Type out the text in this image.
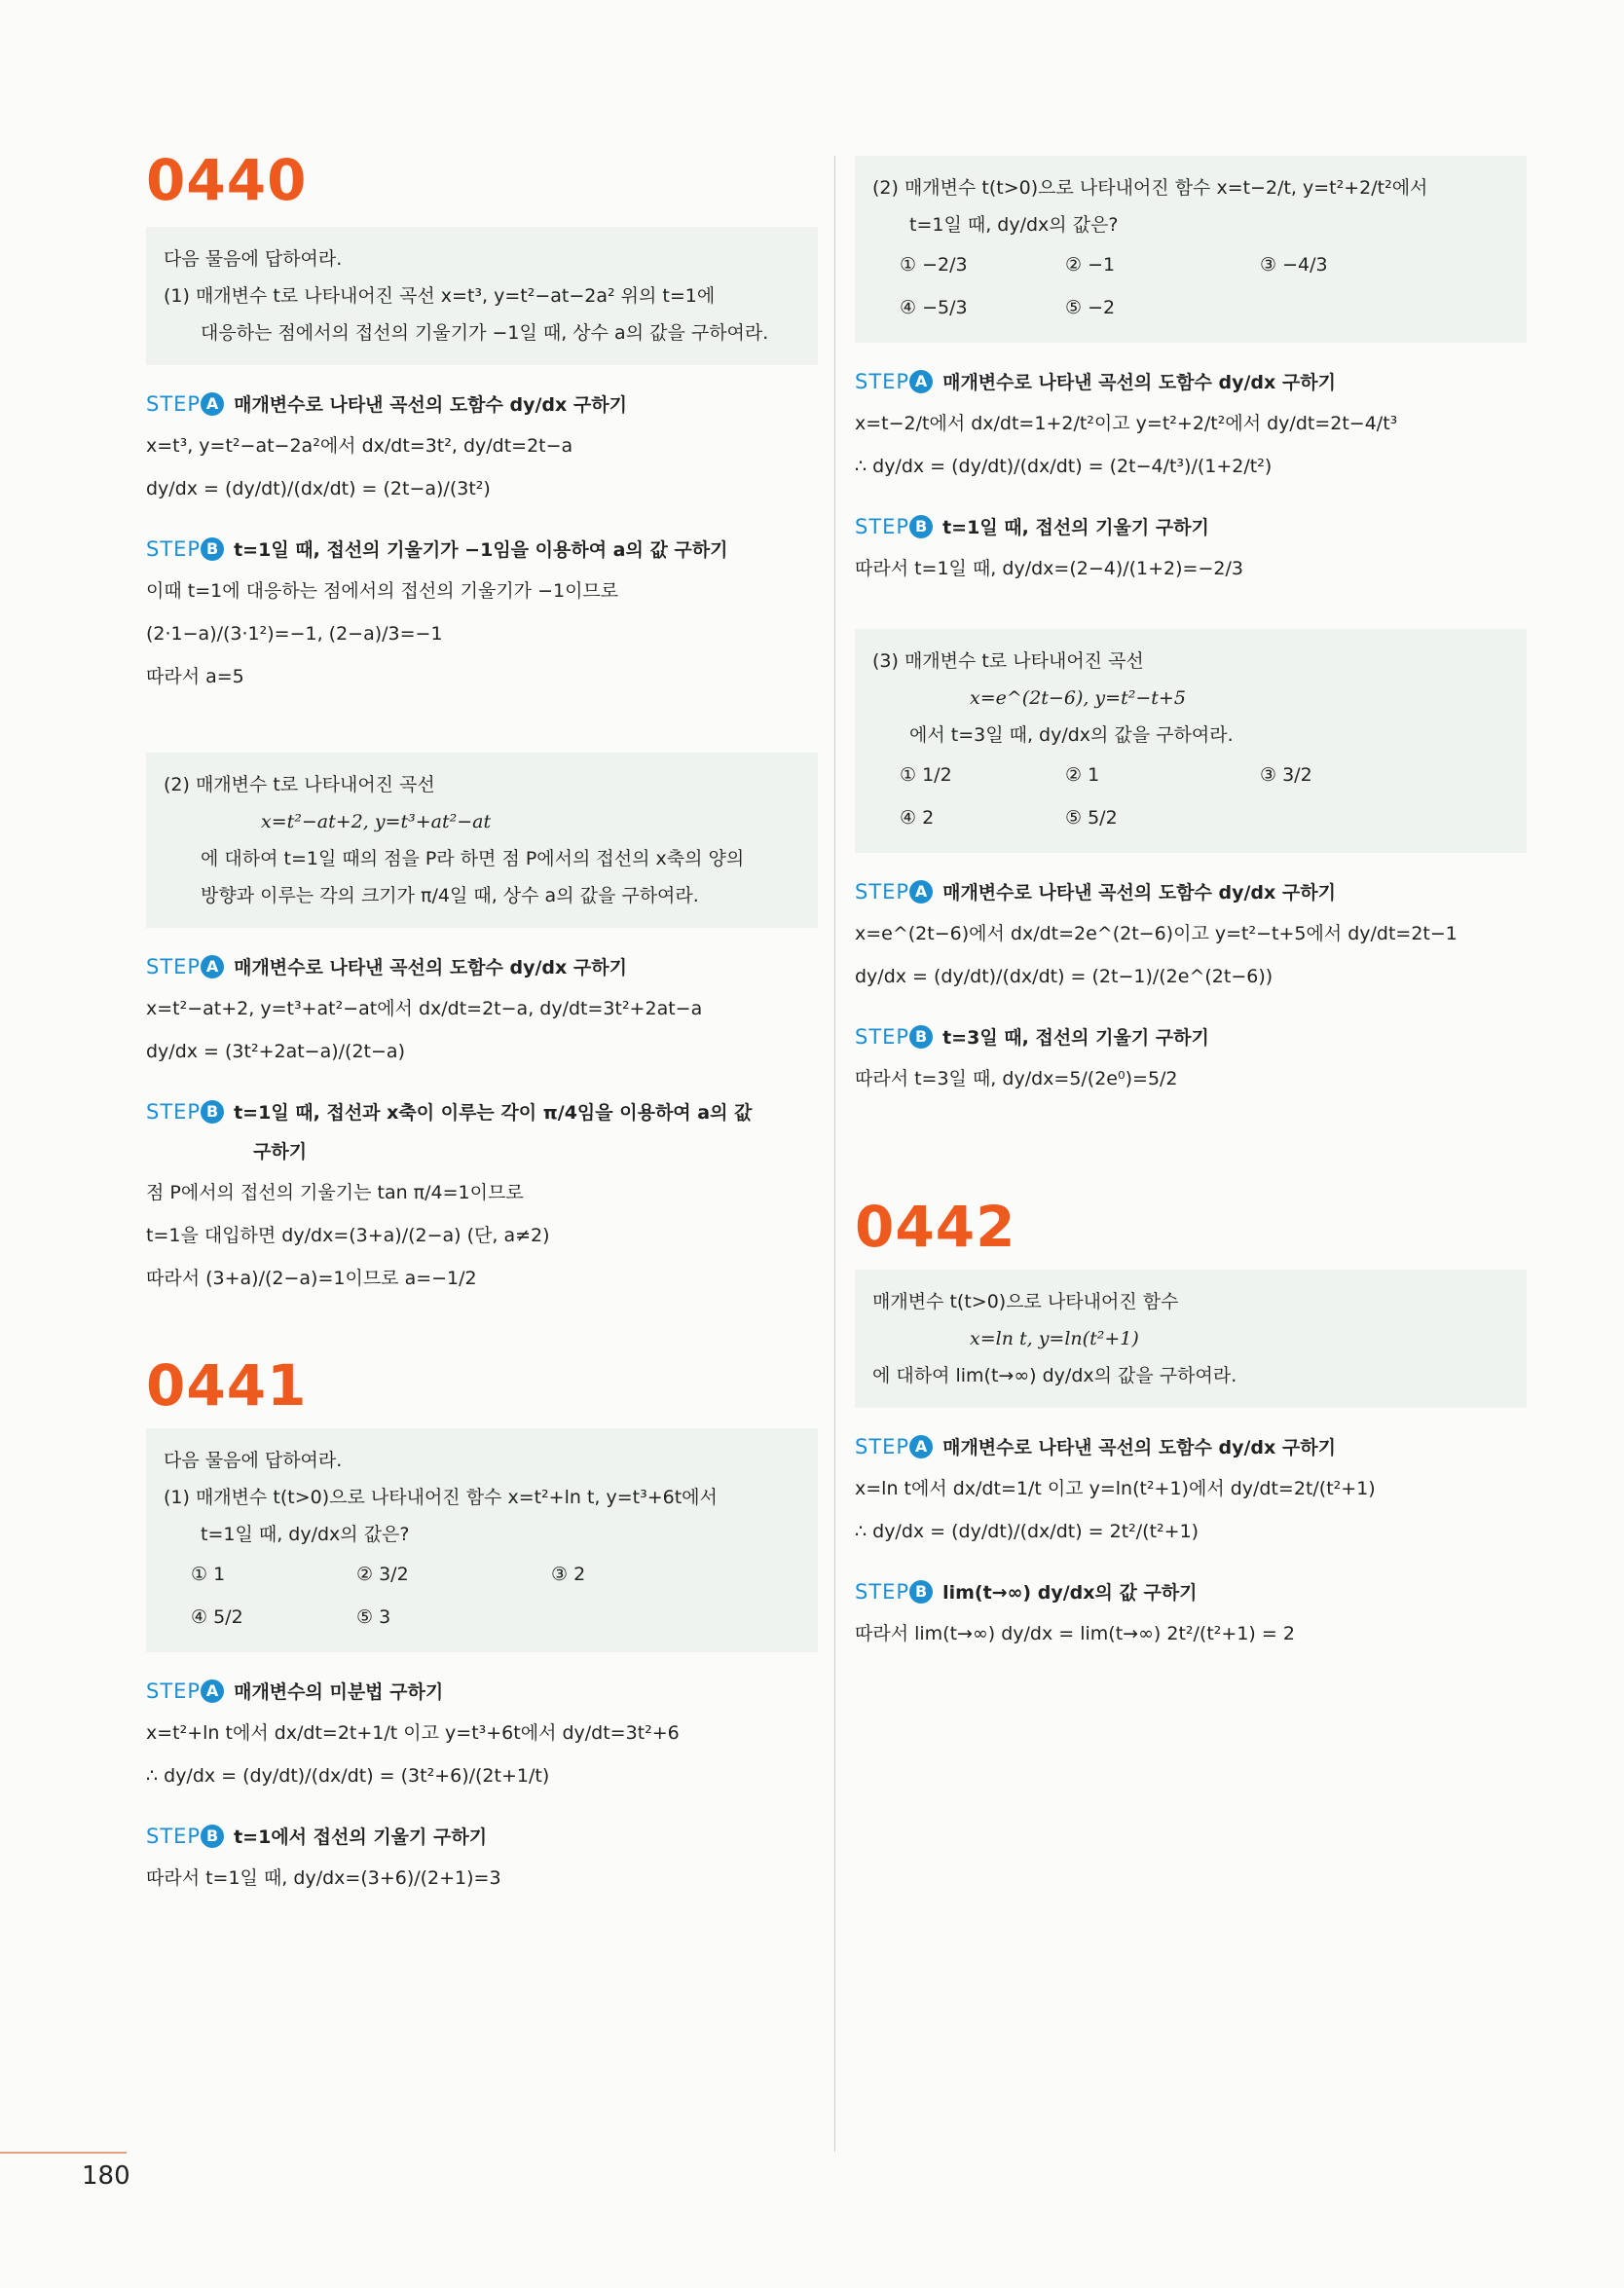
0440
다음 물음에 답하여라.
(1) 매개변수 t로 나타내어진 곡선 x=t³, y=t²−at−2a² 위의 t=1에
대응하는 점에서의 접선의 기울기가 −1일 때, 상수 a의 값을 구하여라.
STEP A 매개변수로 나타낸 곡선의 도함수 dy/dx 구하기
x=t³, y=t²−at−2a²에서 dx/dt=3t², dy/dt=2t−a
dy/dx = (dy/dt)/(dx/dt) = (2t−a)/(3t²)
STEP B t=1일 때, 접선의 기울기가 −1임을 이용하여 a의 값 구하기
이때 t=1에 대응하는 점에서의 접선의 기울기가 −1이므로
(2·1−a)/(3·1²)=−1, (2−a)/3=−1
따라서 a=5
(2) 매개변수 t로 나타내어진 곡선
x=t²−at+2, y=t³+at²−at
에 대하여 t=1일 때의 점을 P라 하면 점 P에서의 접선의 x축의 양의
방향과 이루는 각의 크기가 π/4일 때, 상수 a의 값을 구하여라.
STEP A 매개변수로 나타낸 곡선의 도함수 dy/dx 구하기
x=t²−at+2, y=t³+at²−at에서 dx/dt=2t−a, dy/dt=3t²+2at−a
dy/dx = (3t²+2at−a)/(2t−a)
STEP B t=1일 때, 접선과 x축이 이루는 각이 π/4임을 이용하여 a의 값
구하기
점 P에서의 접선의 기울기는 tan π/4=1이므로
t=1을 대입하면 dy/dx=(3+a)/(2−a) (단, a≠2)
따라서 (3+a)/(2−a)=1이므로 a=−1/2
0441
다음 물음에 답하여라.
(1) 매개변수 t(t>0)으로 나타내어진 함수 x=t²+ln t, y=t³+6t에서
t=1일 때, dy/dx의 값은?
① 1	② 3/2	③ 2
④ 5/2	⑤ 3
STEP A 매개변수의 미분법 구하기
x=t²+ln t에서 dx/dt=2t+1/t 이고 y=t³+6t에서 dy/dt=3t²+6
∴ dy/dx = (dy/dt)/(dx/dt) = (3t²+6)/(2t+1/t)
STEP B t=1에서 접선의 기울기 구하기
따라서 t=1일 때, dy/dx=(3+6)/(2+1)=3
(2) 매개변수 t(t>0)으로 나타내어진 함수 x=t−2/t, y=t²+2/t²에서
t=1일 때, dy/dx의 값은?
① −2/3	② −1	③ −4/3
④ −5/3	⑤ −2
STEP A 매개변수로 나타낸 곡선의 도함수 dy/dx 구하기
x=t−2/t에서 dx/dt=1+2/t²이고 y=t²+2/t²에서 dy/dt=2t−4/t³
∴ dy/dx = (dy/dt)/(dx/dt) = (2t−4/t³)/(1+2/t²)
STEP B t=1일 때, 접선의 기울기 구하기
따라서 t=1일 때, dy/dx=(2−4)/(1+2)=−2/3
(3) 매개변수 t로 나타내어진 곡선
x=e^(2t−6), y=t²−t+5
에서 t=3일 때, dy/dx의 값을 구하여라.
① 1/2	② 1	③ 3/2
④ 2	⑤ 5/2
STEP A 매개변수로 나타낸 곡선의 도함수 dy/dx 구하기
x=e^(2t−6)에서 dx/dt=2e^(2t−6)이고 y=t²−t+5에서 dy/dt=2t−1
dy/dx = (dy/dt)/(dx/dt) = (2t−1)/(2e^(2t−6))
STEP B t=3일 때, 접선의 기울기 구하기
따라서 t=3일 때, dy/dx=5/(2e⁰)=5/2
0442
매개변수 t(t>0)으로 나타내어진 함수
x=ln t, y=ln(t²+1)
에 대하여 lim(t→∞) dy/dx의 값을 구하여라.
STEP A 매개변수로 나타낸 곡선의 도함수 dy/dx 구하기
x=ln t에서 dx/dt=1/t 이고 y=ln(t²+1)에서 dy/dt=2t/(t²+1)
∴ dy/dx = (dy/dt)/(dx/dt) = 2t²/(t²+1)
STEP B lim(t→∞) dy/dx의 값 구하기
따라서 lim(t→∞) dy/dx = lim(t→∞) 2t²/(t²+1) = 2
180
